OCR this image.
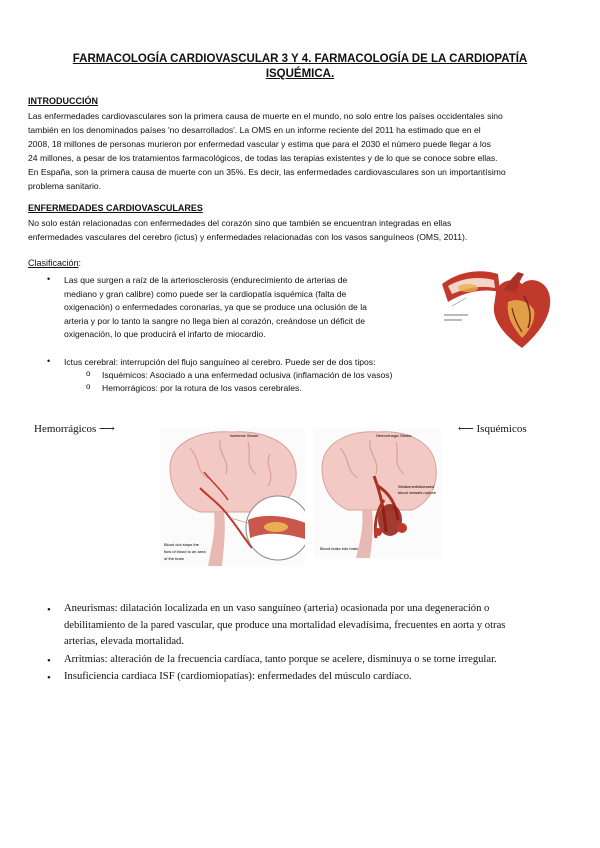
FARMACOLOGÍA CARDIOVASCULAR 3 Y 4. FARMACOLOGÍA DE LA CARDIOPATÍA
ISQUÉMICA.
INTRODUCCIÓN
Las enfermedades cardiovasculares son la primera causa de muerte en el mundo, no solo entre los países occidentales sino
también en los denominados países 'no desarrollados'. La OMS en un informe reciente del 2011 ha estimado que en el
2008, 18 millones de personas murieron por enfermedad vascular y estima que para el 2030 el número puede llegar a los
24 millones, a pesar de los tratamientos farmacológicos, de todas las terapias existentes y de lo que se conoce sobre ellas.
En España, son la primera causa de muerte con un 35%. Es decir, las enfermedades cardiovasculares son un importantísimo
problema sanitario.
ENFERMEDADES CARDIOVASCULARES
No solo están relacionadas con enfermedades del corazón sino que también se encuentran integradas en ellas
enfermedades vasculares del cerebro (ictus) y enfermedades relacionadas con los vasos sanguíneos (OMS, 2011).
Clasificación:
• Las que surgen a raíz de la arteriosclerosis (endurecimiento de arterias de
mediano y gran calibre) como puede ser la cardiopatía isquémica (falta de
oxigenación) o enfermedades coronarias, ya que se produce una oclusión de la
arteria y por lo tanto la sangre no llega bien al corazón, creándose un déficit de
oxigenación, lo que producirá el infarto de miocardio.
• Ictus cerebral: interrupción del flujo sanguíneo al cerebro. Puede ser de dos tipos:
o Isquémicos: Asociado a una enfermedad oclusiva (inflamación de los vasos)
o Hemorrágicos: por la rotura de los vasos cerebrales.
Hemorrágicos ⟶	⟵ Isquémicos
Ischemic Stroke
Blood clot stops the
flow of blood to an area
of the brain
Hemorrhagic Stroke
Weakened/diseased
blood vessels rupture
Blood leaks into brain
• Aneurismas: dilatación localizada en un vaso sanguíneo (arteria) ocasionada por una degeneración o
debilitamiento de la pared vascular, que produce una mortalidad elevadísima, frecuentes en aorta y otras
arterias, elevada mortalidad.
• Arritmias: alteración de la frecuencia cardíaca, tanto porque se acelere, disminuya o se torne irregular.
• Insuficiencia cardiaca ISF (cardiomiopatías): enfermedades del músculo cardíaco.
